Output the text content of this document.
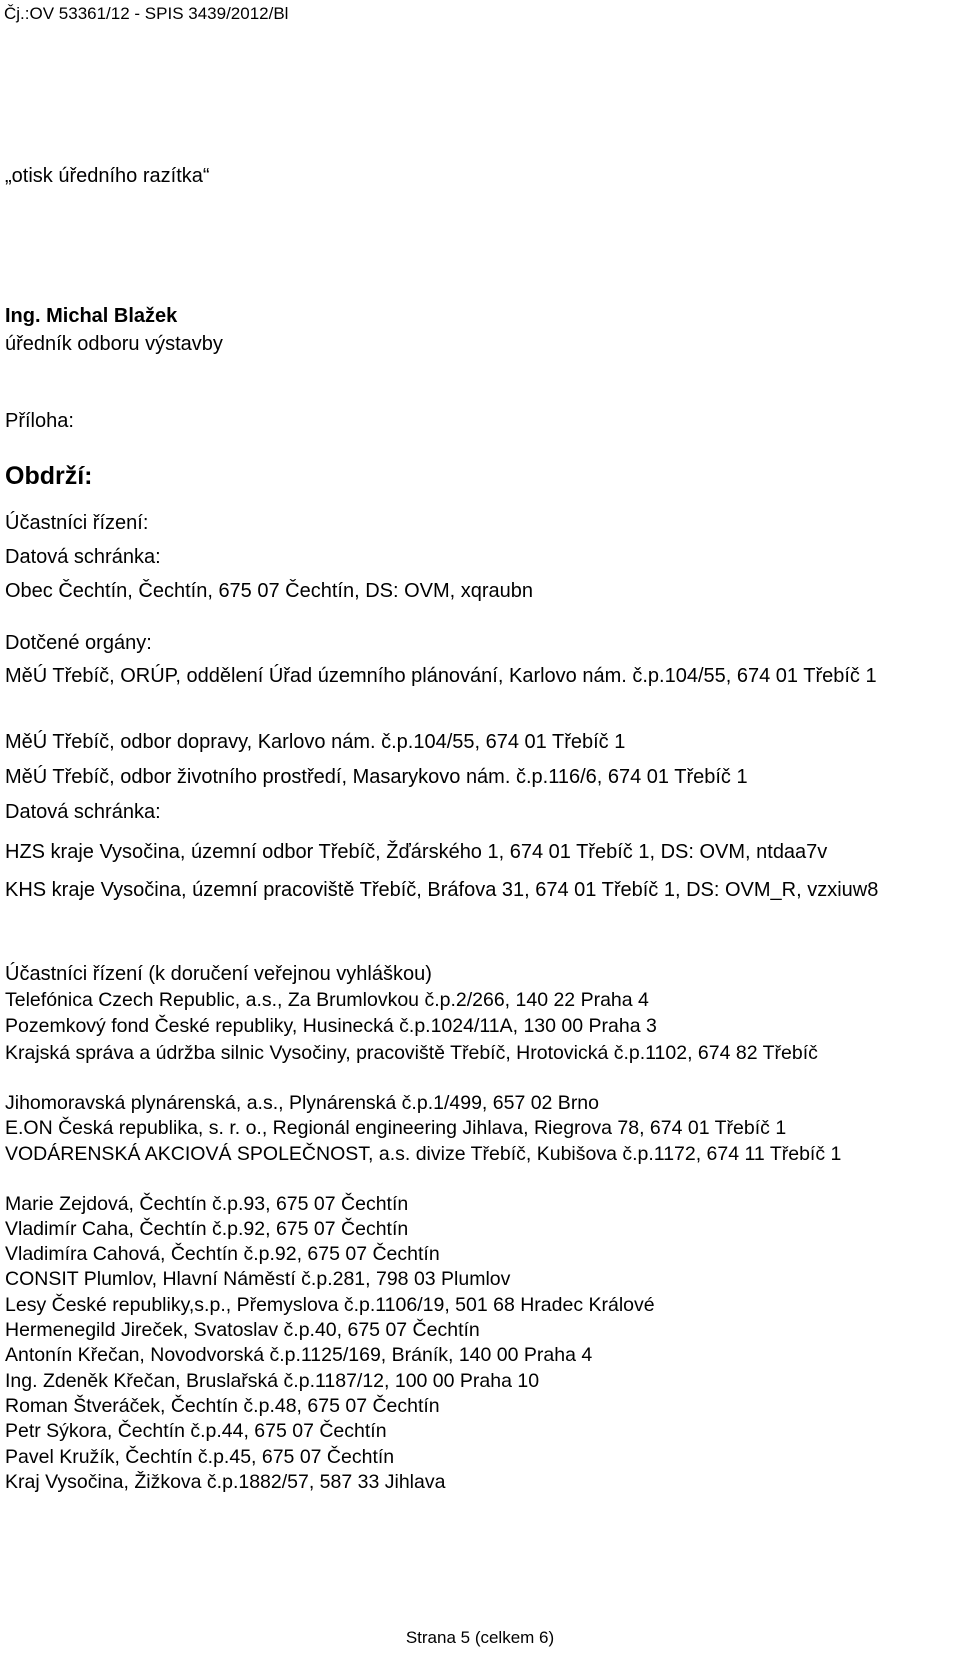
Čj.:OV 53361/12 - SPIS 3439/2012/Bl
„otisk úředního razítka“
Ing. Michal Blažek
úředník odboru výstavby
Příloha:
Obdrží:
Účastníci řízení:
Datová schránka:
Obec Čechtín, Čechtín, 675 07 Čechtín, DS: OVM, xqraubn
Dotčené orgány:
MěÚ Třebíč, ORÚP, oddělení Úřad územního plánování, Karlovo nám. č.p.104/55, 674 01 Třebíč 1
MěÚ Třebíč, odbor dopravy, Karlovo nám. č.p.104/55, 674 01 Třebíč 1
MěÚ Třebíč, odbor životního prostředí, Masarykovo nám. č.p.116/6, 674 01 Třebíč 1
Datová schránka:
HZS kraje Vysočina, územní odbor Třebíč, Žďárského 1, 674 01 Třebíč 1, DS: OVM, ntdaa7v
KHS kraje Vysočina, územní pracoviště Třebíč, Bráfova 31, 674 01 Třebíč 1, DS: OVM_R, vzxiuw8
Účastníci řízení (k doručení veřejnou vyhláškou)
Telefónica Czech Republic, a.s., Za Brumlovkou č.p.2/266, 140 22 Praha 4
Pozemkový fond České republiky, Husinecká č.p.1024/11A, 130 00 Praha 3
Krajská správa a údržba silnic Vysočiny, pracoviště Třebíč, Hrotovická č.p.1102, 674 82 Třebíč
Jihomoravská plynárenská, a.s., Plynárenská č.p.1/499, 657 02 Brno
E.ON Česká republika, s. r. o., Regionál engineering Jihlava, Riegrova 78, 674 01 Třebíč 1
VODÁRENSKÁ AKCIOVÁ SPOLEČNOST, a.s. divize Třebíč, Kubišova č.p.1172, 674 11 Třebíč 1
Marie Zejdová, Čechtín č.p.93, 675 07 Čechtín
Vladimír Caha, Čechtín č.p.92, 675 07 Čechtín
Vladimíra Cahová, Čechtín č.p.92, 675 07 Čechtín
CONSIT Plumlov, Hlavní Náměstí č.p.281, 798 03 Plumlov
Lesy České republiky,s.p., Přemyslova č.p.1106/19, 501 68 Hradec Králové
Hermenegild Jireček, Svatoslav č.p.40, 675 07 Čechtín
Antonín Křečan, Novodvorská č.p.1125/169, Bráník, 140 00 Praha 4
Ing. Zdeněk Křečan, Bruslařská č.p.1187/12, 100 00 Praha 10
Roman Štveráček, Čechtín č.p.48, 675 07 Čechtín
Petr Sýkora, Čechtín č.p.44, 675 07 Čechtín
Pavel Kružík, Čechtín č.p.45, 675 07 Čechtín
Kraj Vysočina, Žižkova č.p.1882/57, 587 33 Jihlava
Strana 5 (celkem 6)
